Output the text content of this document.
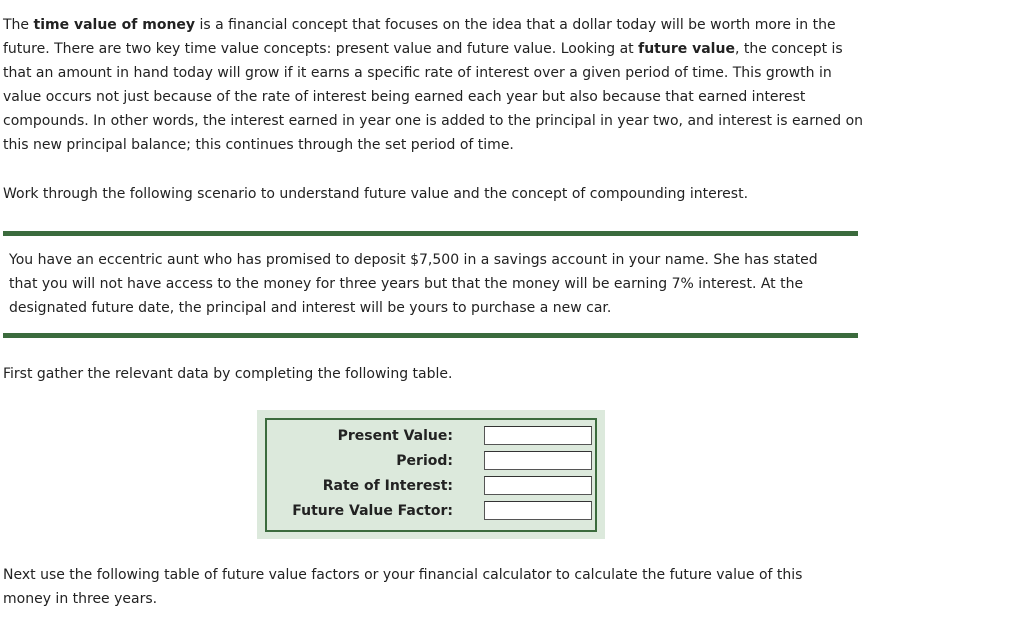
The time value of money is a financial concept that focuses on the idea that a dollar today will be worth more in the future. There are two key time value concepts: present value and future value. Looking at future value, the concept is that an amount in hand today will grow if it earns a specific rate of interest over a given period of time. This growth in value occurs not just because of the rate of interest being earned each year but also because that earned interest compounds. In other words, the interest earned in year one is added to the principal in year two, and interest is earned on this new principal balance; this continues through the set period of time.

Work through the following scenario to understand future value and the concept of compounding interest.

You have an eccentric aunt who has promised to deposit $7,500 in a savings account in your name. She has stated that you will not have access to the money for three years but that the money will be earning 7% interest. At the designated future date, the principal and interest will be yours to purchase a new car.

First gather the relevant data by completing the following table.

Present Value:
Period:
Rate of Interest:
Future Value Factor:

Next use the following table of future value factors or your financial calculator to calculate the future value of this money in three years.
